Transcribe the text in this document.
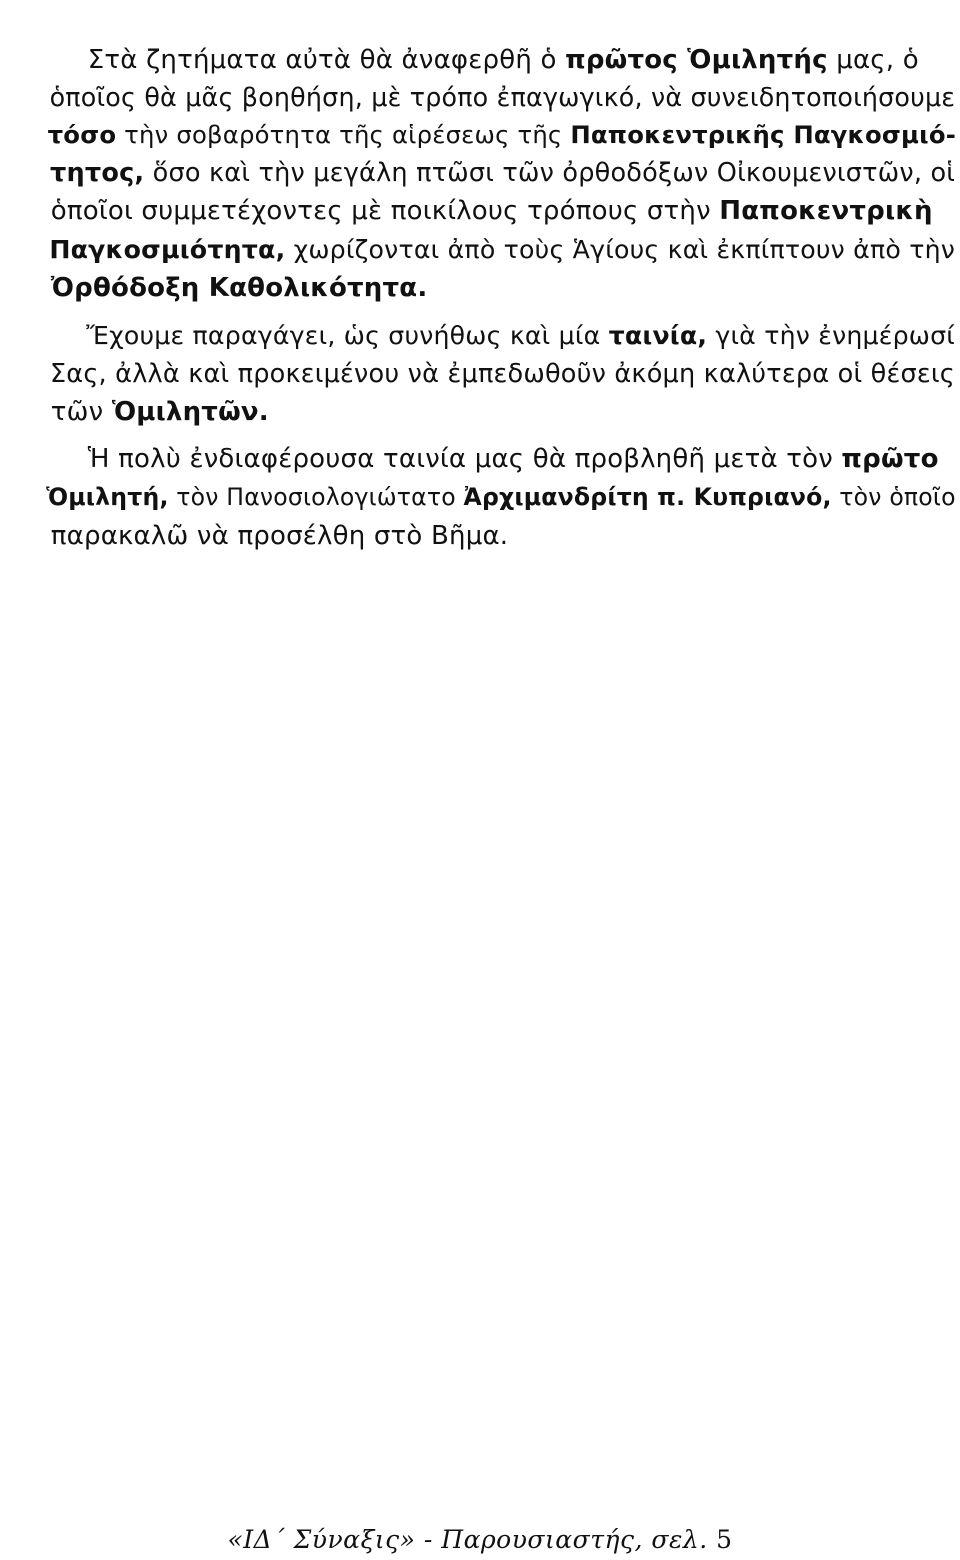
Στὰ ζητήματα αὐτὰ θὰ ἀναφερθῆ ὁ πρῶτος Ὁμιλητής μας, ὁ

ὁποῖος θὰ μᾶς βοηθήση, μὲ τρόπο ἐπαγωγικό, νὰ συνειδητοποιήσουμε

τόσο τὴν σοβαρότητα τῆς αἱρέσεως τῆς Παποκεντρικῆς Παγκοσμιό-

τητος, ὅσο καὶ τὴν μεγάλη πτῶσι τῶν ὀρθοδόξων Οἰκουμενιστῶν, οἱ

ὁποῖοι συμμετέχοντες μὲ ποικίλους τρόπους στὴν Παποκεντρικὴ

Παγκοσμιότητα, χωρίζονται ἀπὸ τοὺς Ἁγίους καὶ ἐκπίπτουν ἀπὸ τὴν

Ὀρθόδοξη Καθολικότητα.

Ἔχουμε παραγάγει, ὡς συνήθως καὶ μία ταινία, γιὰ τὴν ἐνημέρωσί

Σας, ἀλλὰ καὶ προκειμένου νὰ ἐμπεδωθοῦν ἀκόμη καλύτερα οἱ θέσεις

τῶν Ὁμιλητῶν.

Ἡ πολὺ ἐνδιαφέρουσα ταινία μας θὰ προβληθῆ μετὰ τὸν πρῶτο

Ὁμιλητή, τὸν Πανοσιολογιώτατο Ἀρχιμανδρίτη π. Κυπριανό, τὸν ὁποῖο

παρακαλῶ νὰ προσέλθη στὸ Βῆμα.

«ΙΔ΄ Σύναξις» - Παρουσιαστής, σελ. 5
